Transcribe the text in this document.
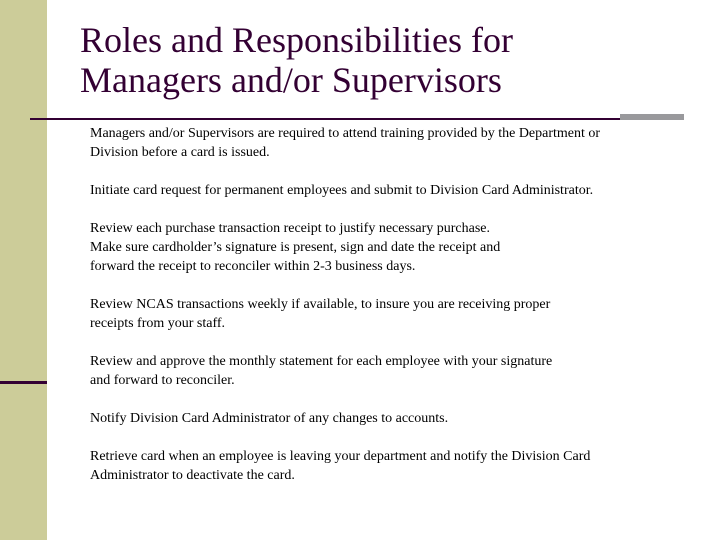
Roles and Responsibilities for
Managers and/or Supervisors

Managers and/or Supervisors are required to attend training provided by the Department or
Division before a card is issued.

Initiate card request for permanent employees and submit to Division Card Administrator.

Review each purchase transaction receipt to justify necessary purchase.
Make sure cardholder’s signature is present, sign and date the receipt and
forward the receipt to reconciler within 2-3 business days.

Review NCAS transactions weekly if available, to insure you are receiving proper
receipts from your staff.

Review and approve the monthly statement for each employee with your signature
and forward to reconciler.

Notify Division Card Administrator of any changes to accounts.

Retrieve card when an employee is leaving your department and notify the Division Card
Administrator to deactivate the card.
